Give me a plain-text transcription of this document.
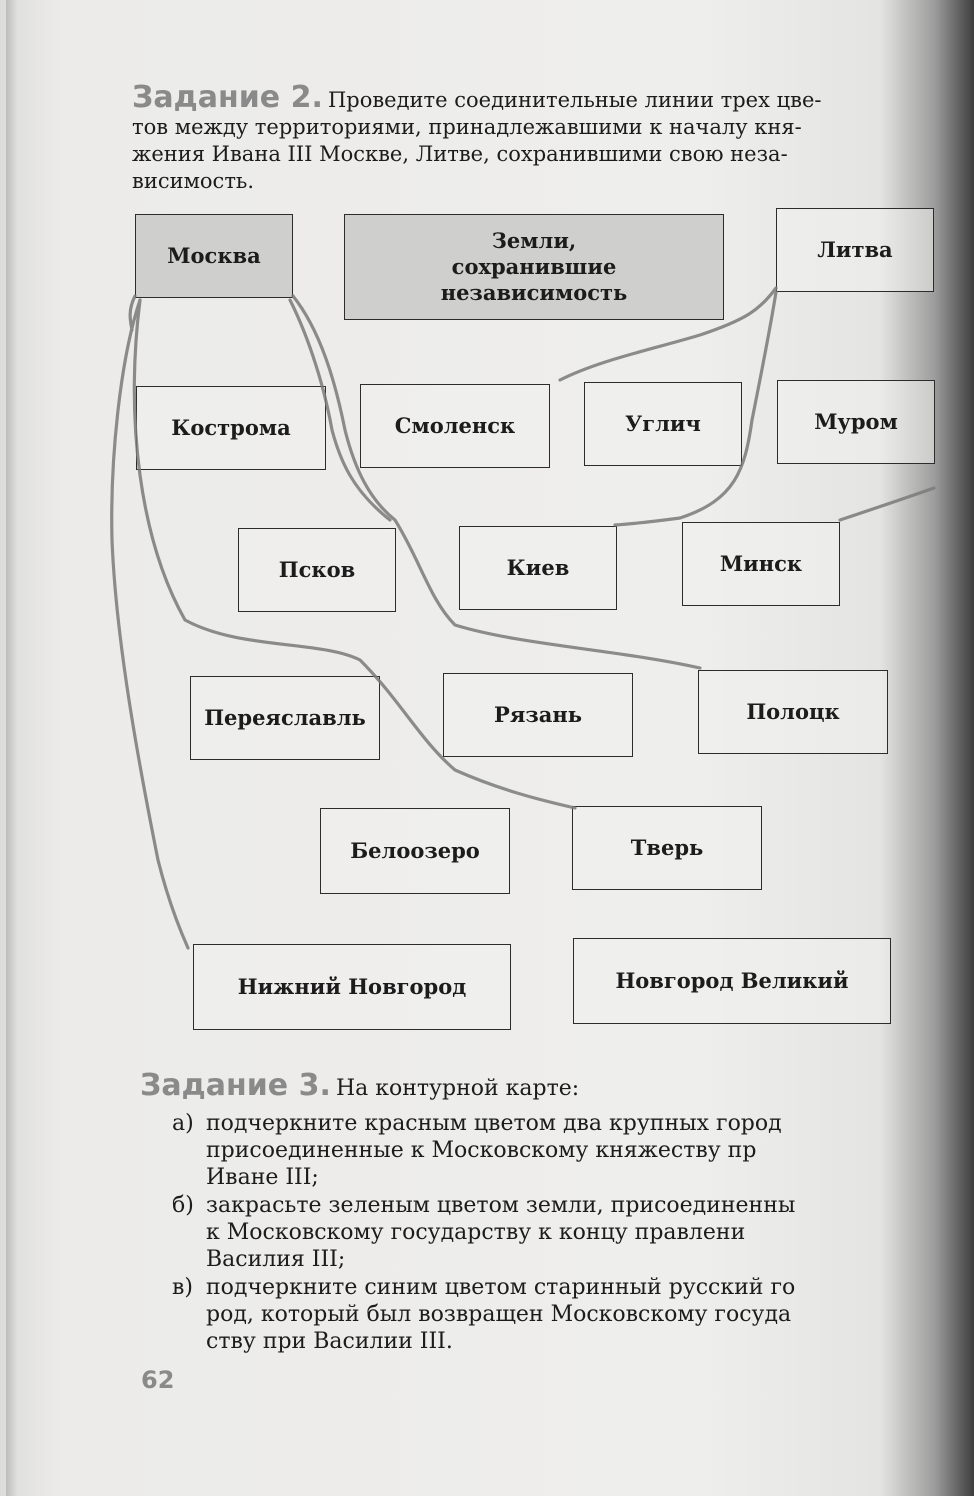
Задание 2. Проведите соединительные линии трех цве-
тов между территориями, принадлежавшими к началу кня-
жения Ивана III Москве, Литве, сохранившими свою неза-
висимость.
Москва
Земли,
сохранившие
независимость
Литва
Кострома	Смоленск	Углич	Муром
Псков	Киев	Минск
Переяславль	Рязань	Полоцк
Белоозеро	Тверь
Нижний Новгород	Новгород Великий
Задание 3. На контурной карте:
а) подчеркните красным цветом два крупных город
присоединенные к Московскому княжеству пр
Иване III;
б) закрасьте зеленым цветом земли, присоединенны
к Московскому государству к концу правлени
Василия III;
в) подчеркните синим цветом старинный русский го
род, который был возвращен Московскому госуда
ству при Василии III.
62
